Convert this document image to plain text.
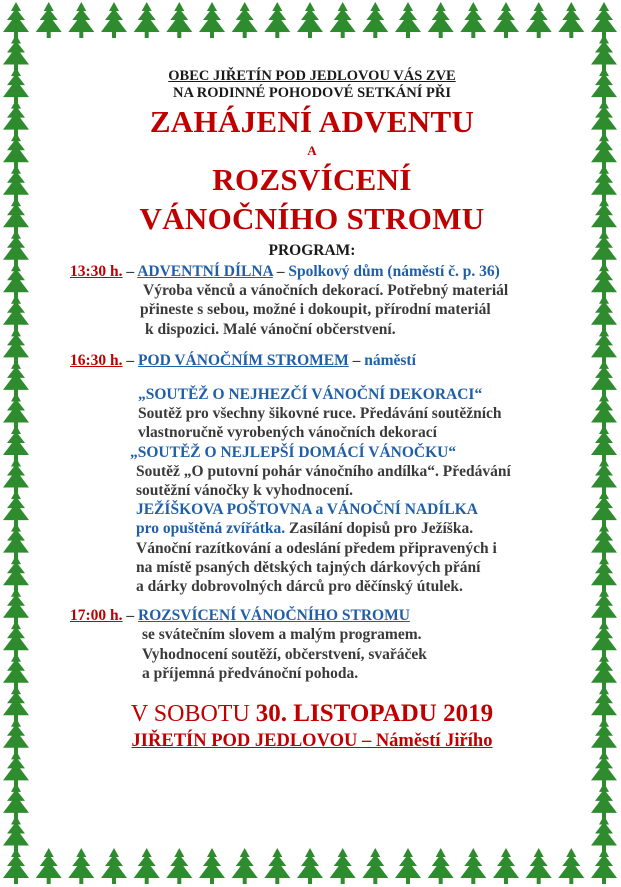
OBEC JIŘETÍN POD JEDLOVOU VÁS ZVE
NA RODINNÉ POHODOVÉ SETKÁNÍ PŘI
ZAHÁJENÍ ADVENTU
A
ROZSVÍCENÍ
VÁNOČNÍHO STROMU
PROGRAM:
13:30 h. – ADVENTNÍ DÍLNA – Spolkový dům (náměstí č. p. 36)
Výroba věnců a vánočních dekorací. Potřebný materiál
přineste s sebou, možné i dokoupit, přírodní materiál
k dispozici. Malé vánoční občerstvení.
16:30 h. – POD VÁNOČNÍM STROMEM – náměstí
„SOUTĚŽ O NEJHEZČÍ VÁNOČNÍ DEKORACI“
Soutěž pro všechny šikovné ruce. Předávání soutěžních
vlastnoručně vyrobených vánočních dekorací
„SOUTĚŽ O NEJLEPŠÍ DOMÁCÍ VÁNOČKU“
Soutěž „O putovní pohár vánočního andílka“. Předávání
soutěžní vánočky k vyhodnocení.
JEŽÍŠKOVA POŠTOVNA a VÁNOČNÍ NADÍLKA
pro opuštěná zvířátka. Zasílání dopisů pro Ježíška.
Vánoční razítkování a odeslání předem připravených i
na místě psaných dětských tajných dárkových přání
a dárky dobrovolných dárců pro děčínský útulek.
17:00 h. – ROZSVÍCENÍ VÁNOČNÍHO STROMU
se svátečním slovem a malým programem.
Vyhodnocení soutěží, občerstvení, svařáček
a příjemná předvánoční pohoda.
V SOBOTU 30. LISTOPADU 2019
JIŘETÍN POD JEDLOVOU – Náměstí Jiřího
